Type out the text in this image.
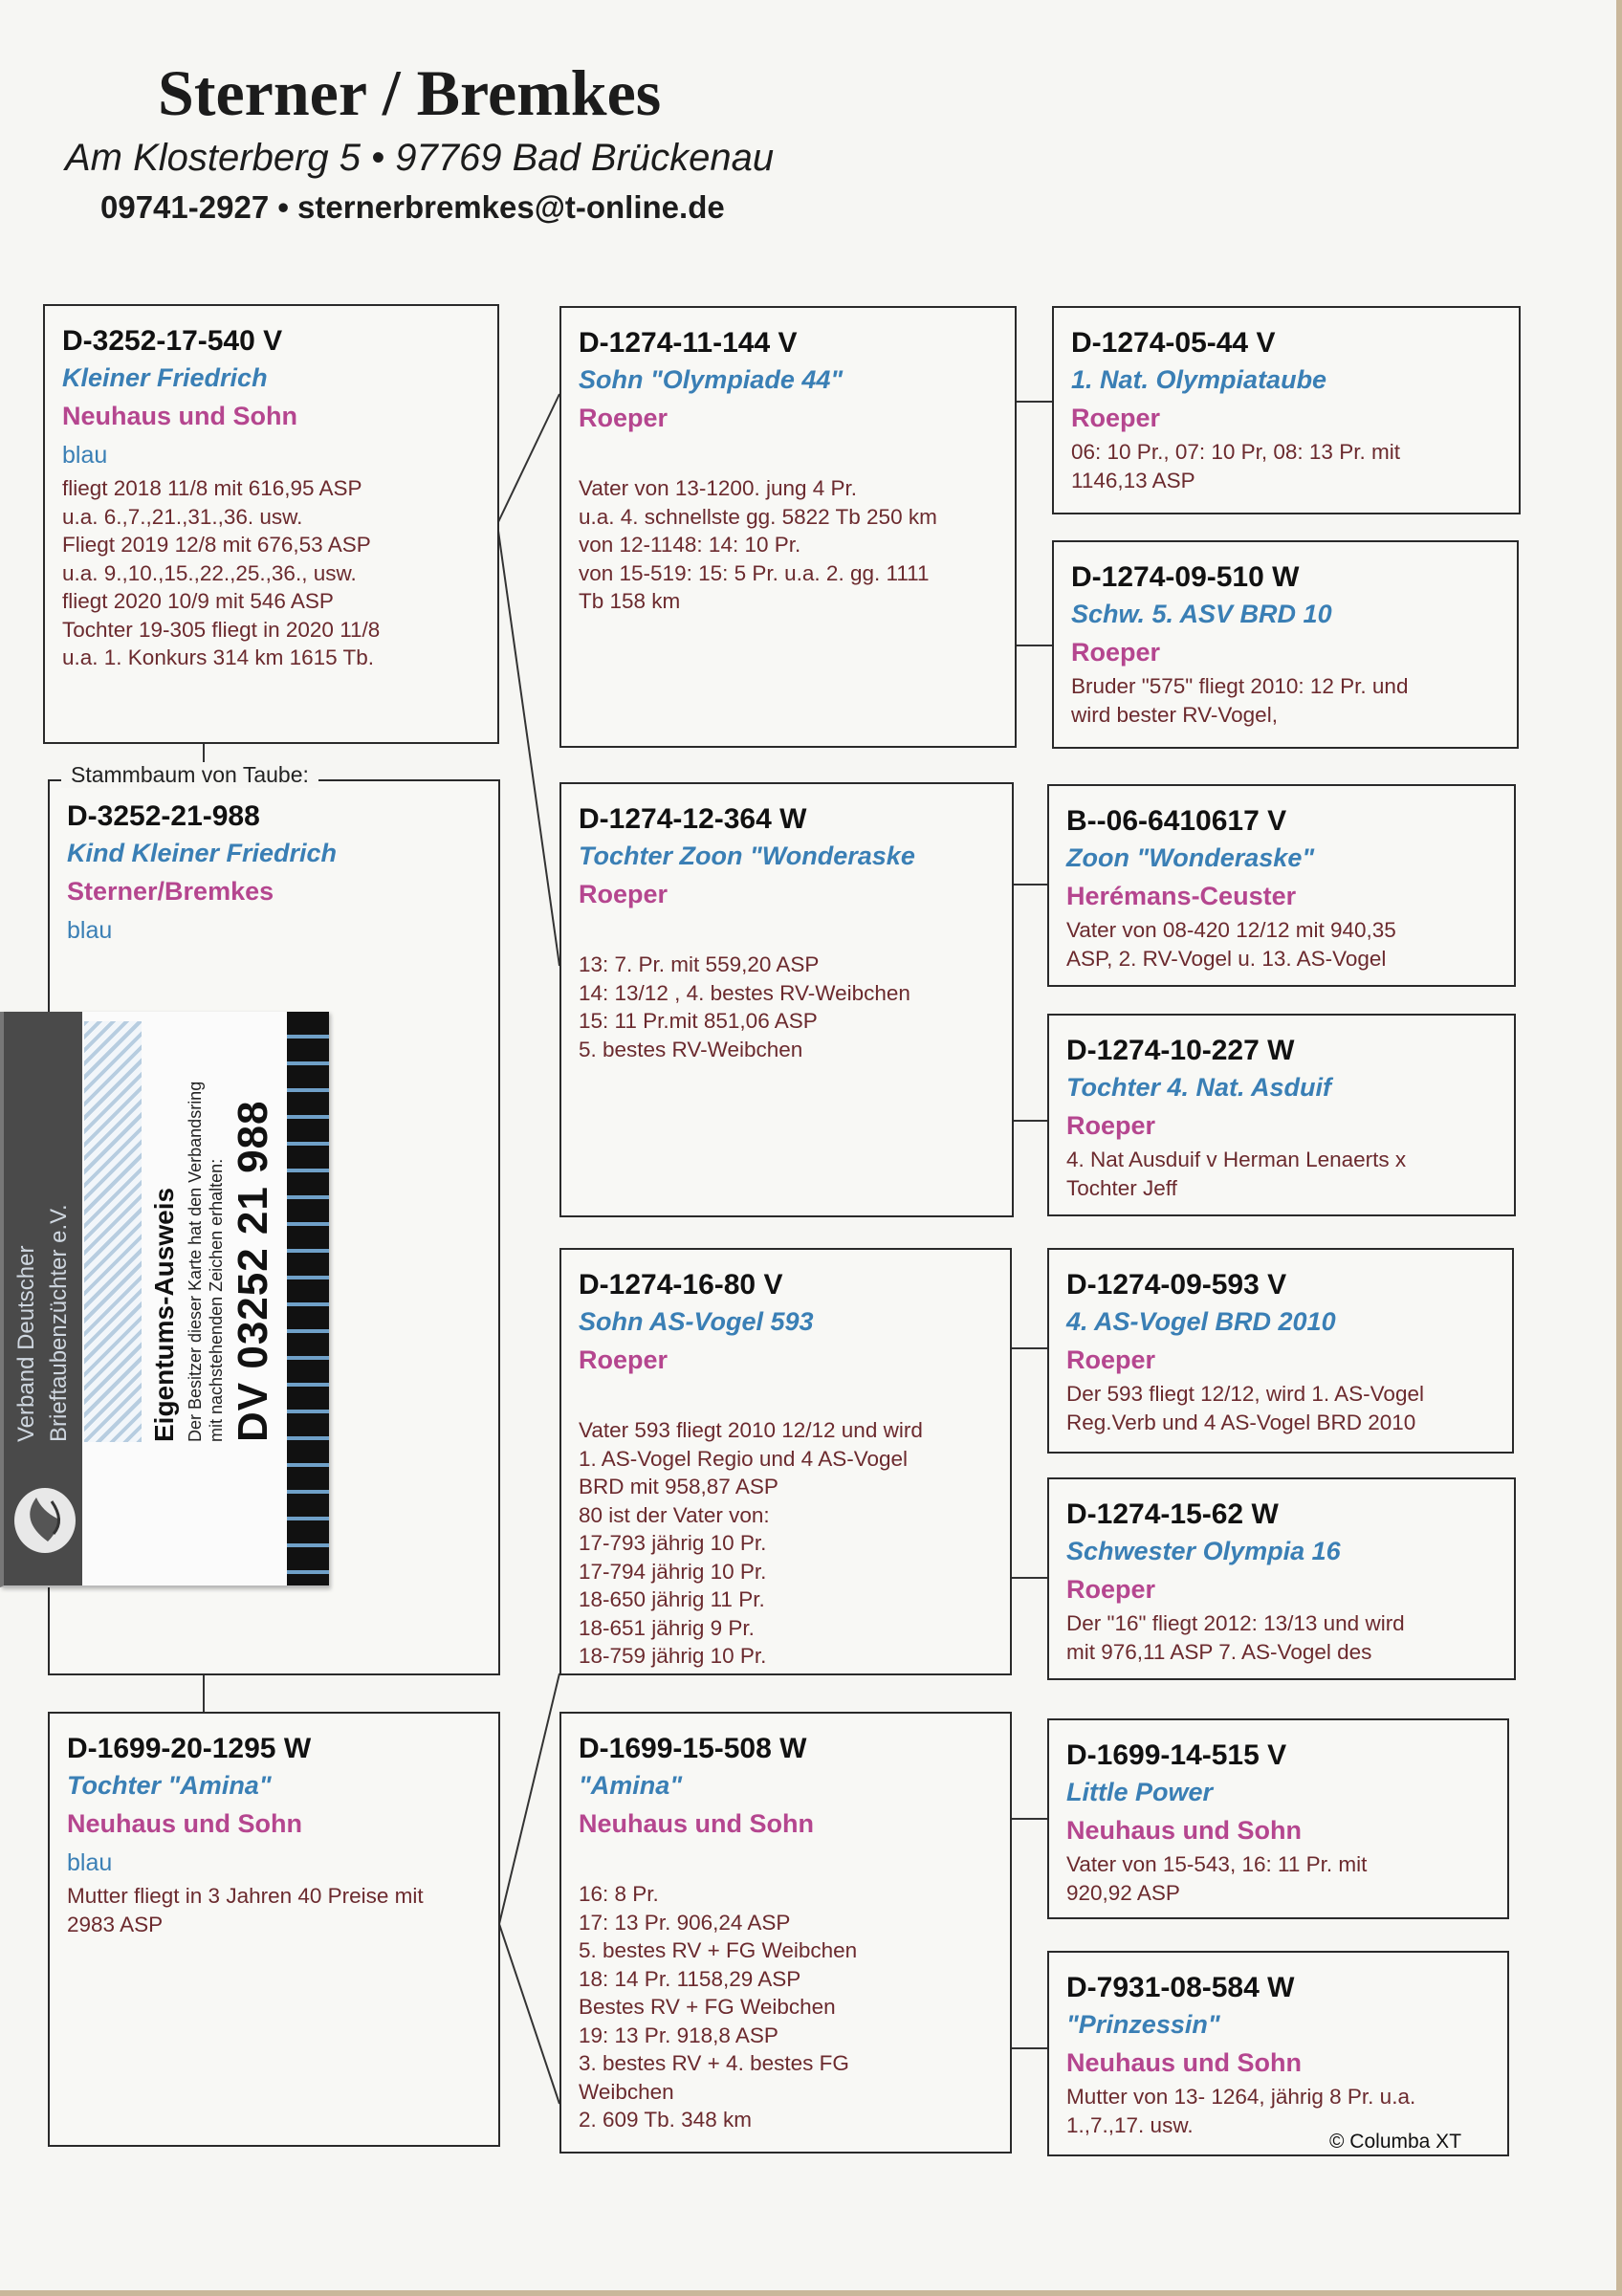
Sterner / Bremkes
Am Klosterberg 5 • 97769 Bad Brückenau
09741-2927 • sternerbremkes@t-online.de
D-3252-17-540 V
Kleiner Friedrich
Neuhaus und Sohn
blau
fliegt 2018 11/8 mit 616,95 ASP
u.a. 6.,7.,21.,31.,36. usw.
Fliegt 2019 12/8 mit 676,53 ASP
u.a. 9.,10.,15.,22.,25.,36., usw.
fliegt 2020 10/9 mit 546 ASP
Tochter 19-305 fliegt in 2020 11/8
u.a. 1. Konkurs 314 km 1615 Tb.
D-3252-21-988
Kind Kleiner Friedrich
Sterner/Bremkes
blau
Stammbaum von Taube:
D-1699-20-1295 W
Tochter "Amina"
Neuhaus und Sohn
blau
Mutter fliegt in 3 Jahren 40 Preise mit
2983 ASP
D-1274-11-144 V
Sohn "Olympiade 44"
Roeper
Vater von 13-1200. jung 4 Pr.
u.a. 4. schnellste gg. 5822 Tb 250 km
von 12-1148: 14: 10 Pr.
von 15-519: 15: 5 Pr. u.a. 2. gg. 1111
Tb 158 km
D-1274-12-364 W
Tochter Zoon "Wonderaske
Roeper
13: 7. Pr. mit 559,20 ASP
14: 13/12 , 4. bestes RV-Weibchen
15: 11 Pr.mit 851,06 ASP
5. bestes RV-Weibchen
D-1274-16-80 V
Sohn AS-Vogel 593
Roeper
Vater 593 fliegt 2010 12/12 und wird
1. AS-Vogel Regio und 4 AS-Vogel
BRD mit 958,87 ASP
80 ist der Vater von:
17-793 jährig 10 Pr.
17-794 jährig 10 Pr.
18-650 jährig 11 Pr.
18-651 jährig 9 Pr.
18-759 jährig 10 Pr.
D-1699-15-508 W
"Amina"
Neuhaus und Sohn
16: 8 Pr.
17: 13 Pr. 906,24 ASP
5. bestes RV + FG Weibchen
18: 14 Pr. 1158,29 ASP
Bestes RV + FG Weibchen
19: 13 Pr. 918,8 ASP
3. bestes RV + 4. bestes FG
Weibchen
2. 609 Tb. 348 km
D-1274-05-44 V
1. Nat. Olympiataube
Roeper
06: 10 Pr., 07: 10 Pr, 08: 13 Pr. mit
1146,13 ASP
D-1274-09-510 W
Schw. 5. ASV BRD 10
Roeper
Bruder "575" fliegt 2010: 12 Pr. und
wird bester RV-Vogel,
B--06-6410617 V
Zoon "Wonderaske"
Herémans-Ceuster
Vater von 08-420 12/12 mit 940,35
ASP, 2. RV-Vogel u. 13. AS-Vogel
D-1274-10-227 W
Tochter 4. Nat. Asduif
Roeper
4. Nat Ausduif v Herman Lenaerts x
Tochter Jeff
D-1274-09-593 V
4. AS-Vogel BRD 2010
Roeper
Der 593 fliegt 12/12, wird 1. AS-Vogel
Reg.Verb und 4 AS-Vogel BRD 2010
D-1274-15-62 W
Schwester Olympia 16
Roeper
Der "16" fliegt 2012: 13/13 und wird
mit 976,11 ASP 7. AS-Vogel des
D-1699-14-515 V
Little Power
Neuhaus und Sohn
Vater von 15-543, 16: 11 Pr. mit
920,92 ASP
D-7931-08-584 W
"Prinzessin"
Neuhaus und Sohn
Mutter von 13- 1264, jährig 8 Pr. u.a.
1.,7.,17. usw.
Verband Deutscher Brieftaubenzüchter e.V.	Eigentums-Ausweis Der Besitzer dieser Karte hat den Verbandsring mit nachstehenden Zeichen erhalten: DV 03252 21 988
© Columba XT
